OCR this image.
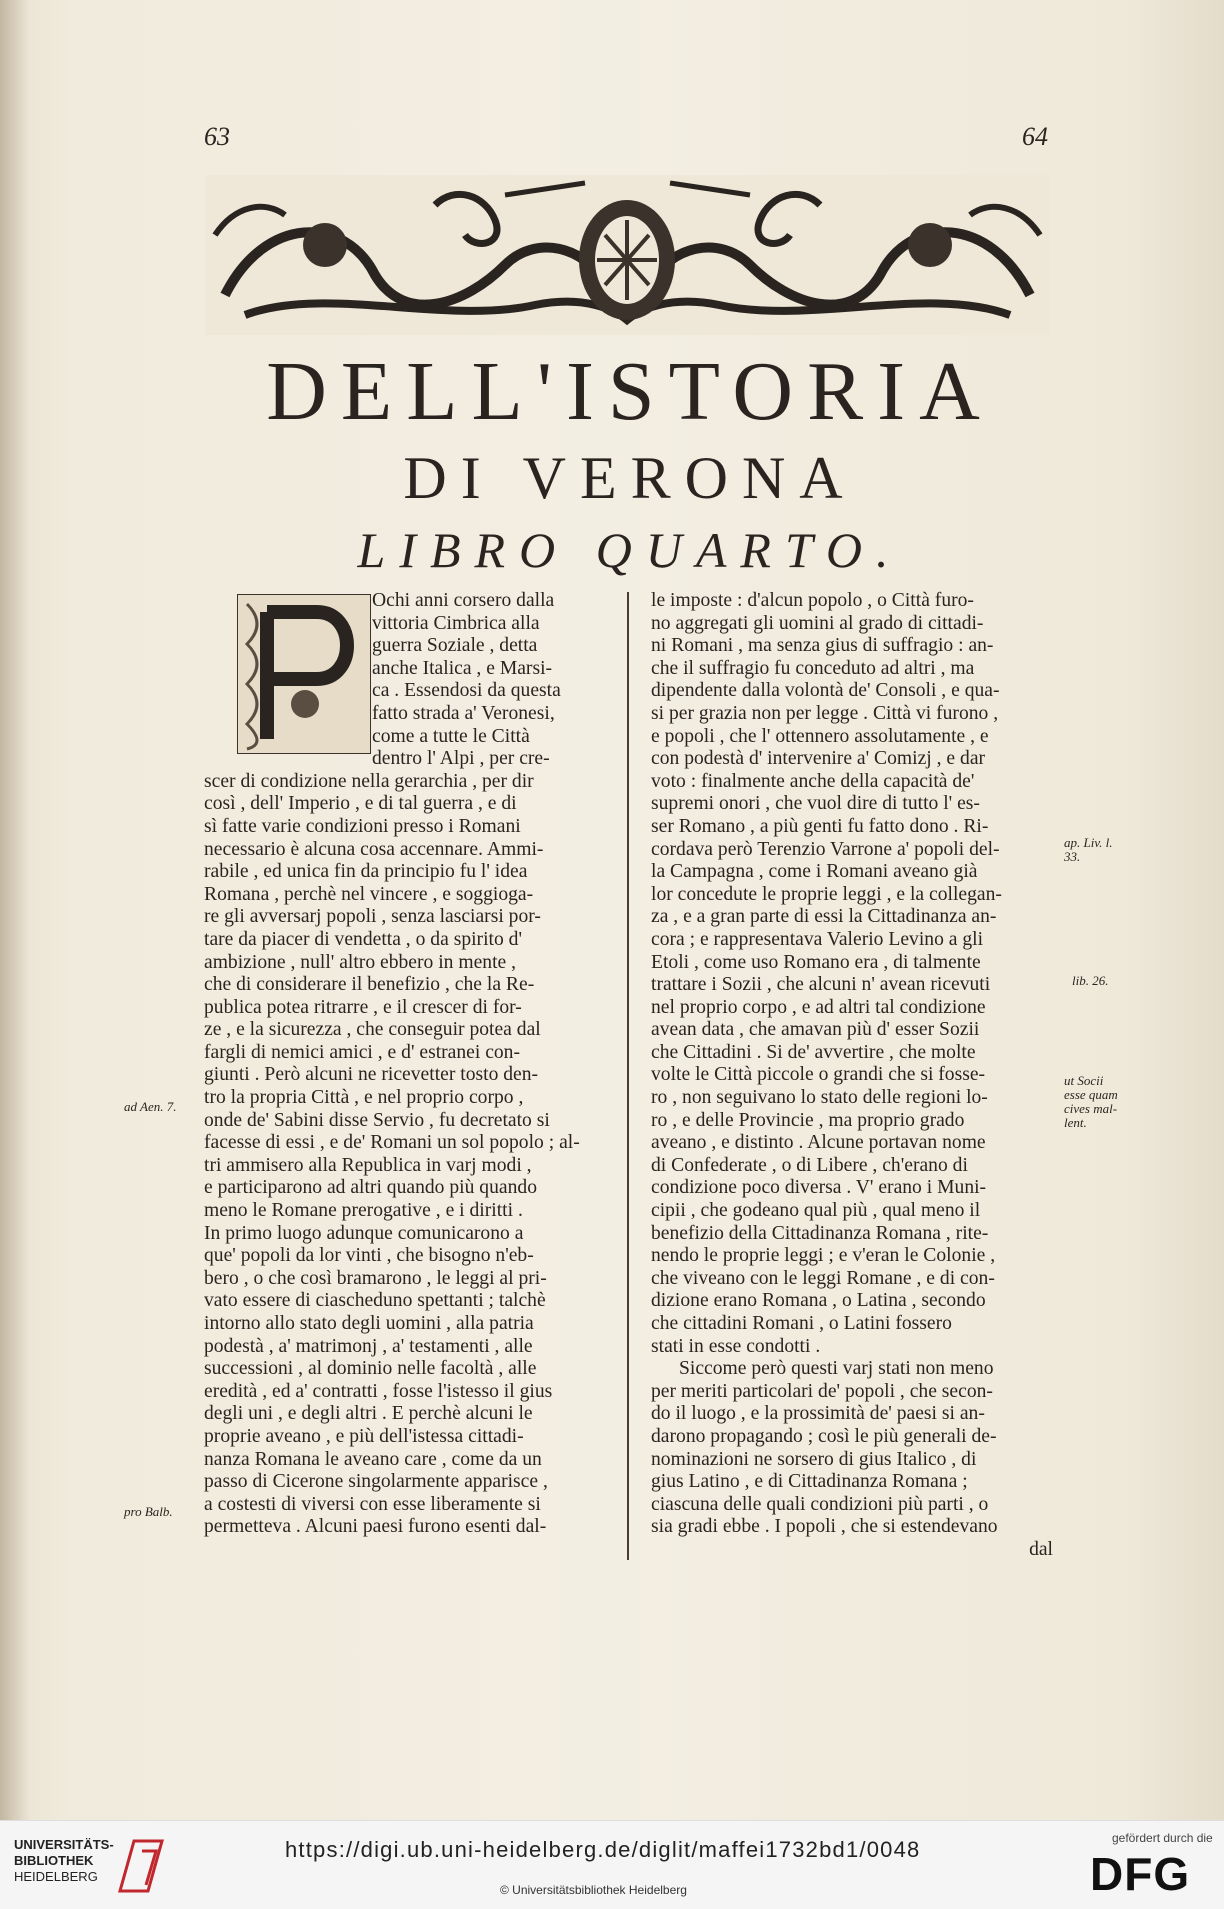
63	64
DELL'ISTORIA
DI VERONA
LIBRO QUARTO.
Ochi anni corsero dalla
vittoria Cimbrica alla
guerra Soziale , detta
anche Italica , e Marsi-
ca . Essendosi da questa
fatto strada a' Veronesi,
come a tutte le Città
dentro l' Alpi , per cre-
scer di condizione nella gerarchia , per dir
così , dell' Imperio , e di tal guerra , e di
sì fatte varie condizioni presso i Romani
necessario è alcuna cosa accennare. Ammi-
rabile , ed unica fin da principio fu l' idea
Romana , perchè nel vincere , e soggioga-
re gli avversarj popoli , senza lasciarsi por-
tare da piacer di vendetta , o da spirito d'
ambizione , null' altro ebbero in mente ,
che di considerare il benefizio , che la Re-
publica potea ritrarre , e il crescer di for-
ze , e la sicurezza , che conseguir potea dal
fargli di nemici amici , e d' estranei con-
giunti . Però alcuni ne ricevetter tosto den-
tro la propria Città , e nel proprio corpo ,
onde de' Sabini disse Servio , fu decretato si
facesse di essi , e de' Romani un sol popolo ; al-
tri ammisero alla Republica in varj modi ,
e participarono ad altri quando più quando
meno le Romane prerogative , e i diritti .
In primo luogo adunque comunicarono a
que' popoli da lor vinti , che bisogno n'eb-
bero , o che così bramarono , le leggi al pri-
vato essere di ciascheduno spettanti ; talchè
intorno allo stato degli uomini , alla patria
podestà , a' matrimonj , a' testamenti , alle
successioni , al dominio nelle facoltà , alle
eredità , ed a' contratti , fosse l'istesso il gius
degli uni , e degli altri . E perchè alcuni le
proprie aveano , e più dell'istessa cittadi-
nanza Romana le aveano care , come da un
passo di Cicerone singolarmente apparisce ,
a costesti di viversi con esse liberamente si
permetteva . Alcuni paesi furono esenti dal-
le imposte : d'alcun popolo , o Città furo-
no aggregati gli uomini al grado di cittadi-
ni Romani , ma senza gius di suffragio : an-
che il suffragio fu conceduto ad altri , ma
dipendente dalla volontà de' Consoli , e qua-
si per grazia non per legge . Città vi furono ,
e popoli , che l' ottennero assolutamente , e
con podestà d' intervenire a' Comizj , e dar
voto : finalmente anche della capacità de'
supremi onori , che vuol dire di tutto l' es-
ser Romano , a più genti fu fatto dono . Ri-
cordava però Terenzio Varrone a' popoli del-
la Campagna , come i Romani aveano già
lor concedute le proprie leggi , e la collegan-
za , e a gran parte di essi la Cittadinanza an-
cora ; e rappresentava Valerio Levino a gli
Etoli , come uso Romano era , di talmente
trattare i Sozii , che alcuni n' avean ricevuti
nel proprio corpo , e ad altri tal condizione
avean data , che amavan più d' esser Sozii
che Cittadini . Si de' avvertire , che molte
volte le Città piccole o grandi che si fosse-
ro , non seguivano lo stato delle regioni lo-
ro , e delle Provincie , ma proprio grado
aveano , e distinto . Alcune portavan nome
di Confederate , o di Libere , ch'erano di
condizione poco diversa . V' erano i Muni-
cipii , che godeano qual più , qual meno il
benefizio della Cittadinanza Romana , rite-
nendo le proprie leggi ; e v'eran le Colonie ,
che viveano con le leggi Romane , e di con-
dizione erano Romana , o Latina , secondo
che cittadini Romani , o Latini fossero
stati in esse condotti .
Siccome però questi varj stati non meno
per meriti particolari de' popoli , che secon-
do il luogo , e la prossimità de' paesi si an-
darono propagando ; così le più generali de-
nominazioni ne sorsero di gius Italico , di
gius Latino , e di Cittadinanza Romana ;
ciascuna delle quali condizioni più parti , o
sia gradi ebbe . I popoli , che si estendevano
dal
ad Aen. 7.
pro Balb.
ap. Liv. l. 33.
lib. 26.
ut Socii esse quam cives mal-lent.
UNIVERSITÄTS-
BIBLIOTHEK
HEIDELBERG
https://digi.ub.uni-heidelberg.de/diglit/maffei1732bd1/0048
© Universitätsbibliothek Heidelberg
gefördert durch die
DFG
